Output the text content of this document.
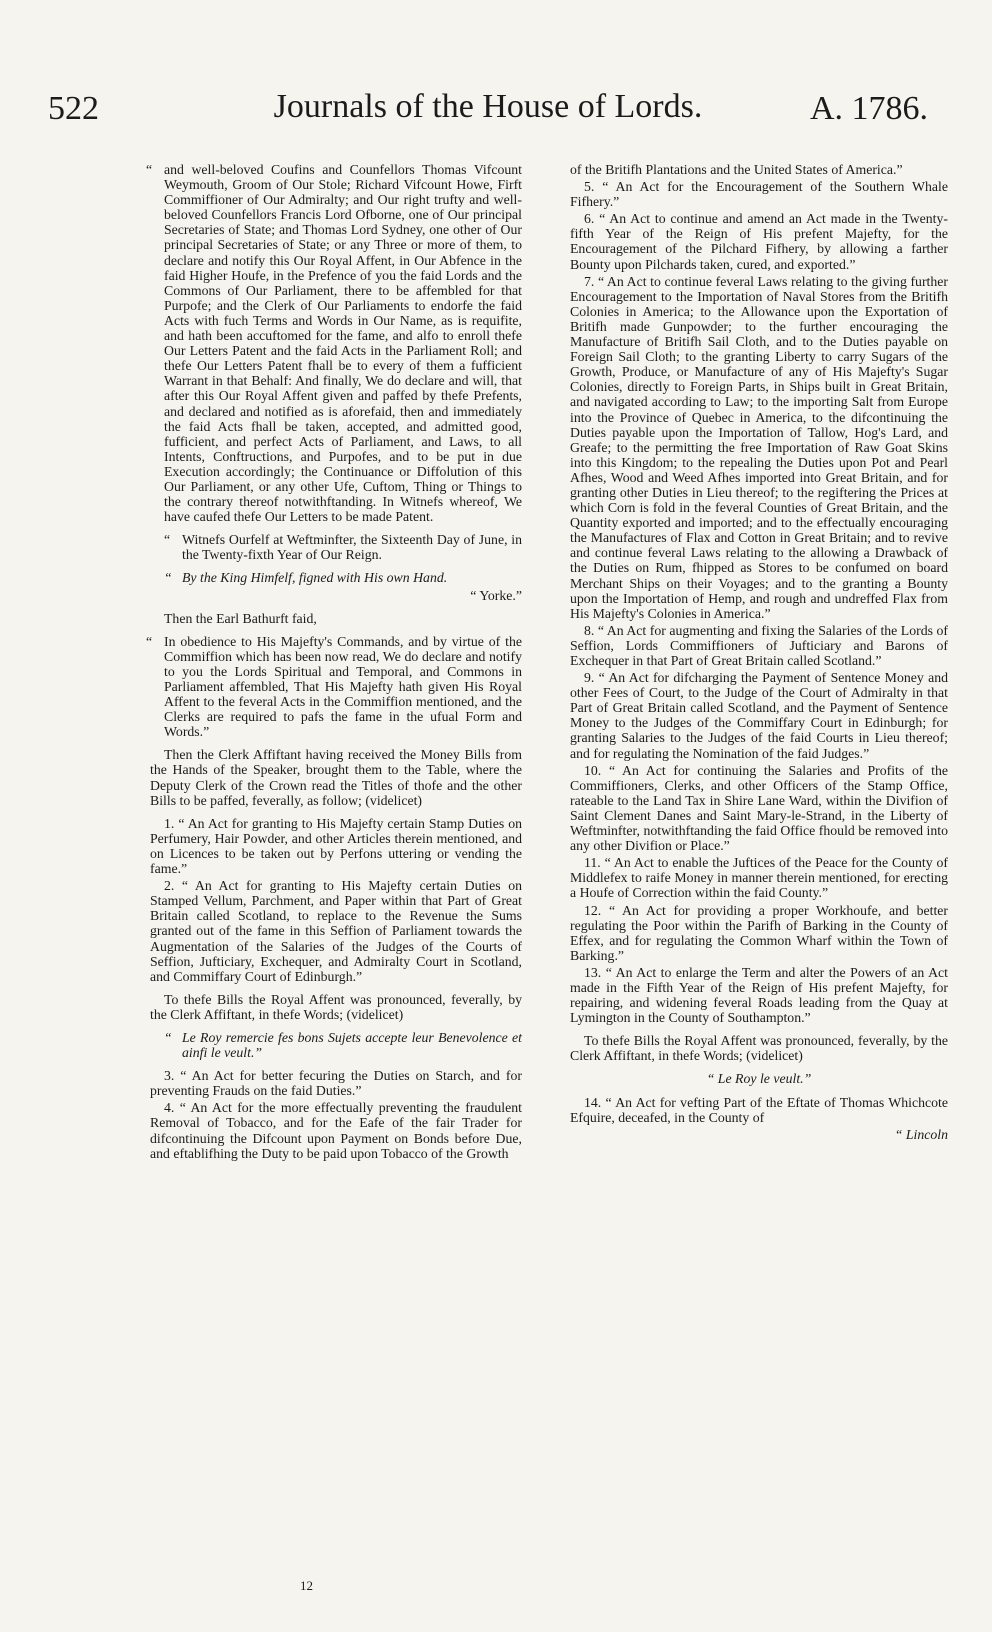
522	Journals of the House of Lords.	A. 1786.

“ and well-beloved Coufins and Counfellors Thomas Vifcount Weymouth, Groom of Our Stole; Richard Vifcount Howe, Firft Commiffioner of Our Admiralty; and Our right trufty and well-beloved Counfellors Francis Lord Ofborne, one of Our principal Secretaries of State; and Thomas Lord Sydney, one other of Our principal Secretaries of State; or any Three or more of them, to declare and notify this Our Royal Affent, in Our Abfence in the faid Higher Houfe, in the Prefence of you the faid Lords and the Commons of Our Parliament, there to be affembled for that Purpofe; and the Clerk of Our Parliaments to endorfe the faid Acts with fuch Terms and Words in Our Name, as is requifite, and hath been accuftomed for the fame, and alfo to enroll thefe Our Letters Patent and the faid Acts in the Parliament Roll; and thefe Our Letters Patent fhall be to every of them a fufficient Warrant in that Behalf: And finally, We do declare and will, that after this Our Royal Affent given and paffed by thefe Prefents, and declared and notified as is aforefaid, then and immediately the faid Acts fhall be taken, accepted, and admitted good, fufficient, and perfect Acts of Parliament, and Laws, to all Intents, Conftructions, and Purpofes, and to be put in due Execution accordingly; the Continuance or Diffolution of this Our Parliament, or any other Ufe, Cuftom, Thing or Things to the contrary thereof notwithftanding. In Witnefs whereof, We have caufed thefe Our Letters to be made Patent.

“ Witnefs Ourfelf at Weftminfter, the Sixteenth Day of June, in the Twenty-fixth Year of Our Reign.

“ By the King Himfelf, figned with His own Hand.

“ Yorke.”

Then the Earl Bathurft faid,

“ In obedience to His Majefty's Commands, and by virtue of the Commiffion which has been now read, We do declare and notify to you the Lords Spiritual and Temporal, and Commons in Parliament affembled, That His Majefty hath given His Royal Affent to the feveral Acts in the Commiffion mentioned, and the Clerks are required to pafs the fame in the ufual Form and Words.”

Then the Clerk Affiftant having received the Money Bills from the Hands of the Speaker, brought them to the Table, where the Deputy Clerk of the Crown read the Titles of thofe and the other Bills to be paffed, feverally, as follow; (videlicet)

1. “ An Act for granting to His Majefty certain Stamp Duties on Perfumery, Hair Powder, and other Articles therein mentioned, and on Licences to be taken out by Perfons uttering or vending the fame.”

2. “ An Act for granting to His Majefty certain Duties on Stamped Vellum, Parchment, and Paper within that Part of Great Britain called Scotland, to replace to the Revenue the Sums granted out of the fame in this Seffion of Parliament towards the Augmentation of the Salaries of the Judges of the Courts of Seffion, Jufticiary, Exchequer, and Admiralty Court in Scotland, and Commiffary Court of Edinburgh.”

To thefe Bills the Royal Affent was pronounced, feverally, by the Clerk Affiftant, in thefe Words; (videlicet)

“ Le Roy remercie fes bons Sujets accepte leur Benevolence et ainfi le veult.”

3. “ An Act for better fecuring the Duties on Starch, and for preventing Frauds on the faid Duties.”

4. “ An Act for the more effectually preventing the fraudulent Removal of Tobacco, and for the Eafe of the fair Trader for difcontinuing the Difcount upon Payment on Bonds before Due, and eftablifhing the Duty to be paid upon Tobacco of the Growth

12

of the Britifh Plantations and the United States of America.”

5. “ An Act for the Encouragement of the Southern Whale Fifhery.”

6. “ An Act to continue and amend an Act made in the Twenty-fifth Year of the Reign of His prefent Majefty, for the Encouragement of the Pilchard Fifhery, by allowing a farther Bounty upon Pilchards taken, cured, and exported.”

7. “ An Act to continue feveral Laws relating to the giving further Encouragement to the Importation of Naval Stores from the Britifh Colonies in America; to the Allowance upon the Exportation of Britifh made Gunpowder; to the further encouraging the Manufacture of Britifh Sail Cloth, and to the Duties payable on Foreign Sail Cloth; to the granting Liberty to carry Sugars of the Growth, Produce, or Manufacture of any of His Majefty's Sugar Colonies, directly to Foreign Parts, in Ships built in Great Britain, and navigated according to Law; to the importing Salt from Europe into the Province of Quebec in America, to the difcontinuing the Duties payable upon the Importation of Tallow, Hog's Lard, and Greafe; to the permitting the free Importation of Raw Goat Skins into this Kingdom; to the repealing the Duties upon Pot and Pearl Afhes, Wood and Weed Afhes imported into Great Britain, and for granting other Duties in Lieu thereof; to the regiftering the Prices at which Corn is fold in the feveral Counties of Great Britain, and the Quantity exported and imported; and to the effectually encouraging the Manufactures of Flax and Cotton in Great Britain; and to revive and continue feveral Laws relating to the allowing a Drawback of the Duties on Rum, fhipped as Stores to be confumed on board Merchant Ships on their Voyages; and to the granting a Bounty upon the Importation of Hemp, and rough and undreffed Flax from His Majefty's Colonies in America.”

8. “ An Act for augmenting and fixing the Salaries of the Lords of Seffion, Lords Commiffioners of Jufticiary and Barons of Exchequer in that Part of Great Britain called Scotland.”

9. “ An Act for difcharging the Payment of Sentence Money and other Fees of Court, to the Judge of the Court of Admiralty in that Part of Great Britain called Scotland, and the Payment of Sentence Money to the Judges of the Commiffary Court in Edinburgh; for granting Salaries to the Judges of the faid Courts in Lieu thereof; and for regulating the Nomination of the faid Judges.”

10. “ An Act for continuing the Salaries and Profits of the Commiffioners, Clerks, and other Officers of the Stamp Office, rateable to the Land Tax in Shire Lane Ward, within the Divifion of Saint Clement Danes and Saint Mary-le-Strand, in the Liberty of Weftminfter, notwithftanding the faid Office fhould be removed into any other Divifion or Place.”

11. “ An Act to enable the Juftices of the Peace for the County of Middlefex to raife Money in manner therein mentioned, for erecting a Houfe of Correction within the faid County.”

12. “ An Act for providing a proper Workhoufe, and better regulating the Poor within the Parifh of Barking in the County of Effex, and for regulating the Common Wharf within the Town of Barking.”

13. “ An Act to enlarge the Term and alter the Powers of an Act made in the Fifth Year of the Reign of His prefent Majefty, for repairing, and widening feveral Roads leading from the Quay at Lymington in the County of Southampton.”

To thefe Bills the Royal Affent was pronounced, feverally, by the Clerk Affiftant, in thefe Words; (videlicet)

“ Le Roy le veult.”

14. “ An Act for vefting Part of the Eftate of Thomas Whichcote Efquire, deceafed, in the County of

“ Lincoln
